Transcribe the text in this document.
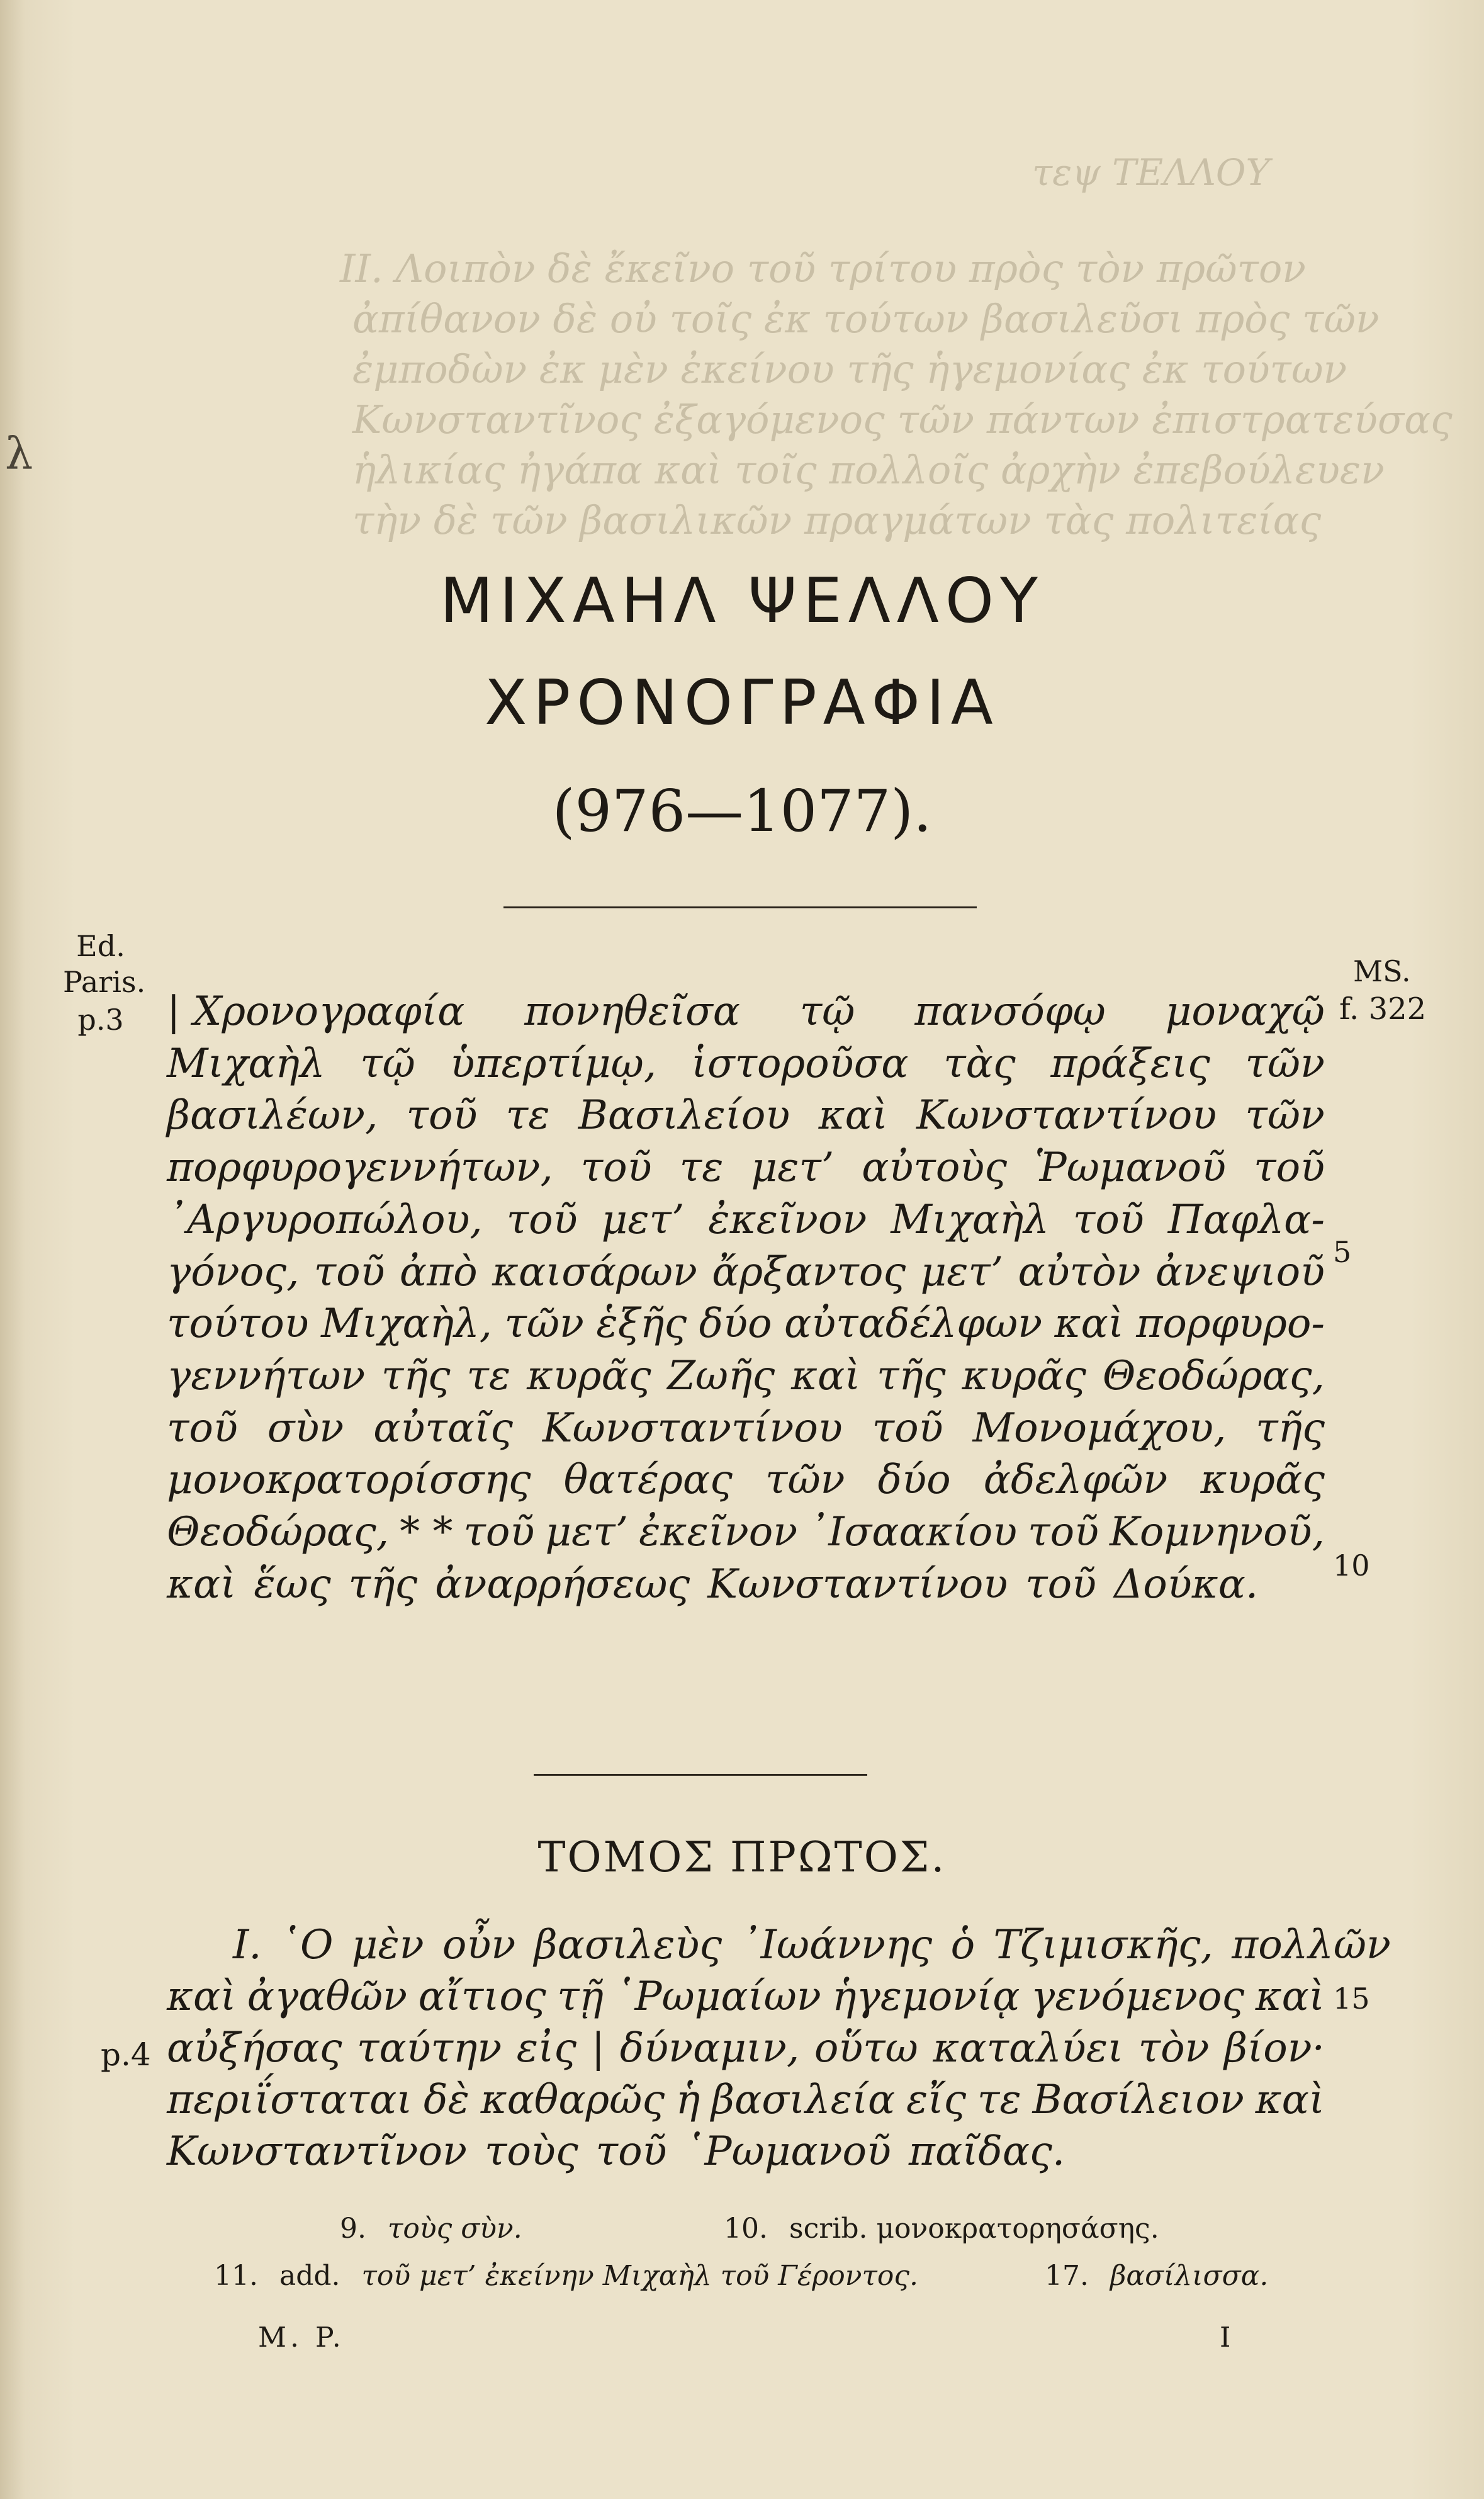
τεψ ΤΕΛΛΟΥ
ΙΙ. Λοιπὸν δὲ ἔκεῖνο τοῦ τρίτου πρὸς τὸν πρῶτον
ἀπίθανον δὲ οὐ τοῖς ἐκ τούτων βασιλεῦσι πρὸς τῶν
ἐμποδὼν ἐκ μὲν ἐκείνου τῆς ἡγεμονίας ἐκ τούτων
Κωνσταντῖνος ἐξαγόμενος τῶν πάντων ἐπιστρατεύσας
ἡλικίας ἠγάπα καὶ τοῖς πολλοῖς ἀρχὴν ἐπεβούλευεν
τὴν δὲ τῶν βασιλικῶν πραγμάτων τὰς πολιτείας
λ
ΜΙΧΑΗΛ ΨΕΛΛΟΥ
ΧΡΟΝΟΓΡΑΦΙΑ
(976—1077).
Ed.
Paris.
p.3
MS.
f. 322
| Χρονογραφία πονηθεῖσα τῷ πανσόφῳ μοναχῷ
Μιχαὴλ τῷ ὑπερτίμῳ, ἱστοροῦσα τὰς πράξεις τῶν
βασιλέων, τοῦ τε Βασιλείου καὶ Κωνσταντίνου τῶν
πορφυρογεννήτων, τοῦ τε μετ’ αὐτοὺς Ῥωμανοῦ τοῦ
᾿Αργυροπώλου, τοῦ μετ’ ἐκεῖνον Μιχαὴλ τοῦ Παφλα-
γόνος, τοῦ ἀπὸ καισάρων ἄρξαντος μετ’ αὐτὸν ἀνεψιοῦ
τούτου Μιχαὴλ, τῶν ἑξῆς δύο αὐταδέλφων καὶ πορφυρο-
γεννήτων τῆς τε κυρᾶς Ζωῆς καὶ τῆς κυρᾶς Θεοδώρας,
τοῦ σὺν αὐταῖς Κωνσταντίνου τοῦ Μονομάχου, τῆς
μονοκρατορίσσης θατέρας τῶν δύο ἀδελφῶν κυρᾶς
Θεοδώρας, * * τοῦ μετ’ ἐκεῖνον ᾿Ισαακίου τοῦ Κομνηνοῦ,
καὶ ἕως τῆς ἀναρρήσεως Κωνσταντίνου τοῦ Δούκα.
5
10
ΤΟΜΟΣ ΠΡΩΤΟΣ.
Ι. ῾Ο μὲν οὖν βασιλεὺς ᾿Ιωάννης ὁ Τζιμισκῆς, πολλῶν
καὶ ἀγαθῶν αἴτιος τῇ ῾Ρωμαίων ἡγεμονίᾳ γενόμενος καὶ
αὐξήσας ταύτην εἰς | δύναμιν, οὕτω καταλύει τὸν βίον·
περιΐσταται δὲ καθαρῶς ἡ βασιλεία εἴς τε Βασίλειον καὶ
Κωνσταντῖνον τοὺς τοῦ ῾Ρωμανοῦ παῖδας.
15
p.4
9. τοὺς σὺν.	10. scrib. μονοκρατορησάσης.
11. add. τοῦ μετ’ ἐκείνην Μιχαὴλ τοῦ Γέροντος.	17. βασίλισσα.
M. P.	I
